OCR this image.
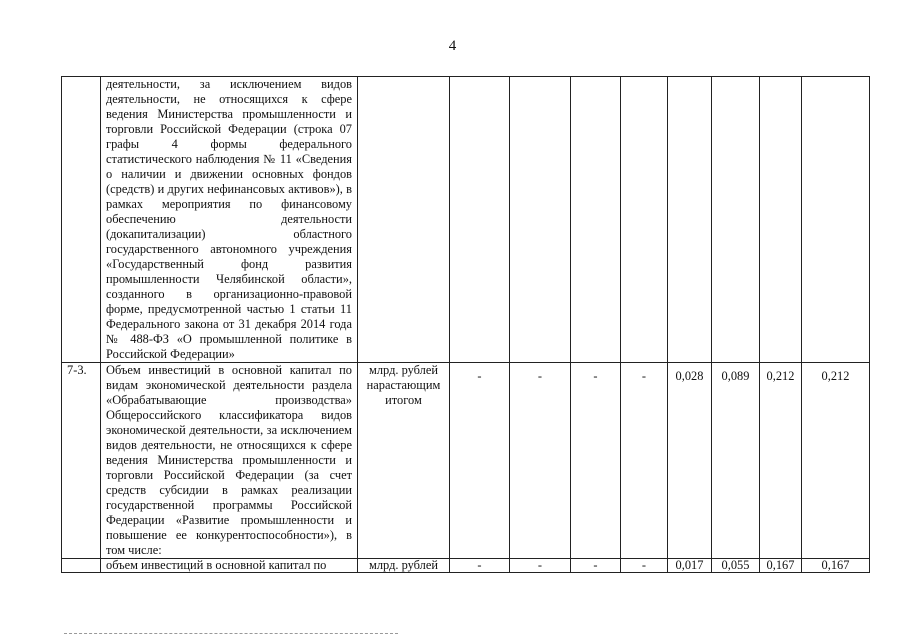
4
	деятельности, за исключением видов деятельности, не относящихся к сфере ведения Министерства промышленности и торговли Российской Федерации (строка 07 графы 4 формы федерального статистического наблюдения № 11 «Сведения о наличии и движении основных фондов (средств) и других нефинансовых активов»), в рамках мероприятия по финансовому обеспечению деятельности (докапитализации) областного государственного автономного учреждения «Государственный фонд развития промышленности Челябинской области», созданного в организационно-правовой форме, предусмотренной частью 1 статьи 11 Федерального закона от 31 декабря 2014 года № 488-ФЗ «О промышленной политике в Российской Федерации»									
7-3.	Объем инвестиций в основной капитал по видам экономической деятельности раздела «Обрабатывающие производства» Общероссийского классификатора видов экономической деятельности, за исключением видов деятельности, не относящихся к сфере ведения Министерства промышленности и торговли Российской Федерации (за счет средств субсидии в рамках реализации государственной программы Российской Федерации «Развитие промышленности и повышение ее конкурентоспособности»), в том числе:	млрд. рублей нарастающим итогом	-	-	-	-	0,028	0,089	0,212	0,212
	объем инвестиций в основной капитал по	млрд. рублей	-	-	-	-	0,017	0,055	0,167	0,167
